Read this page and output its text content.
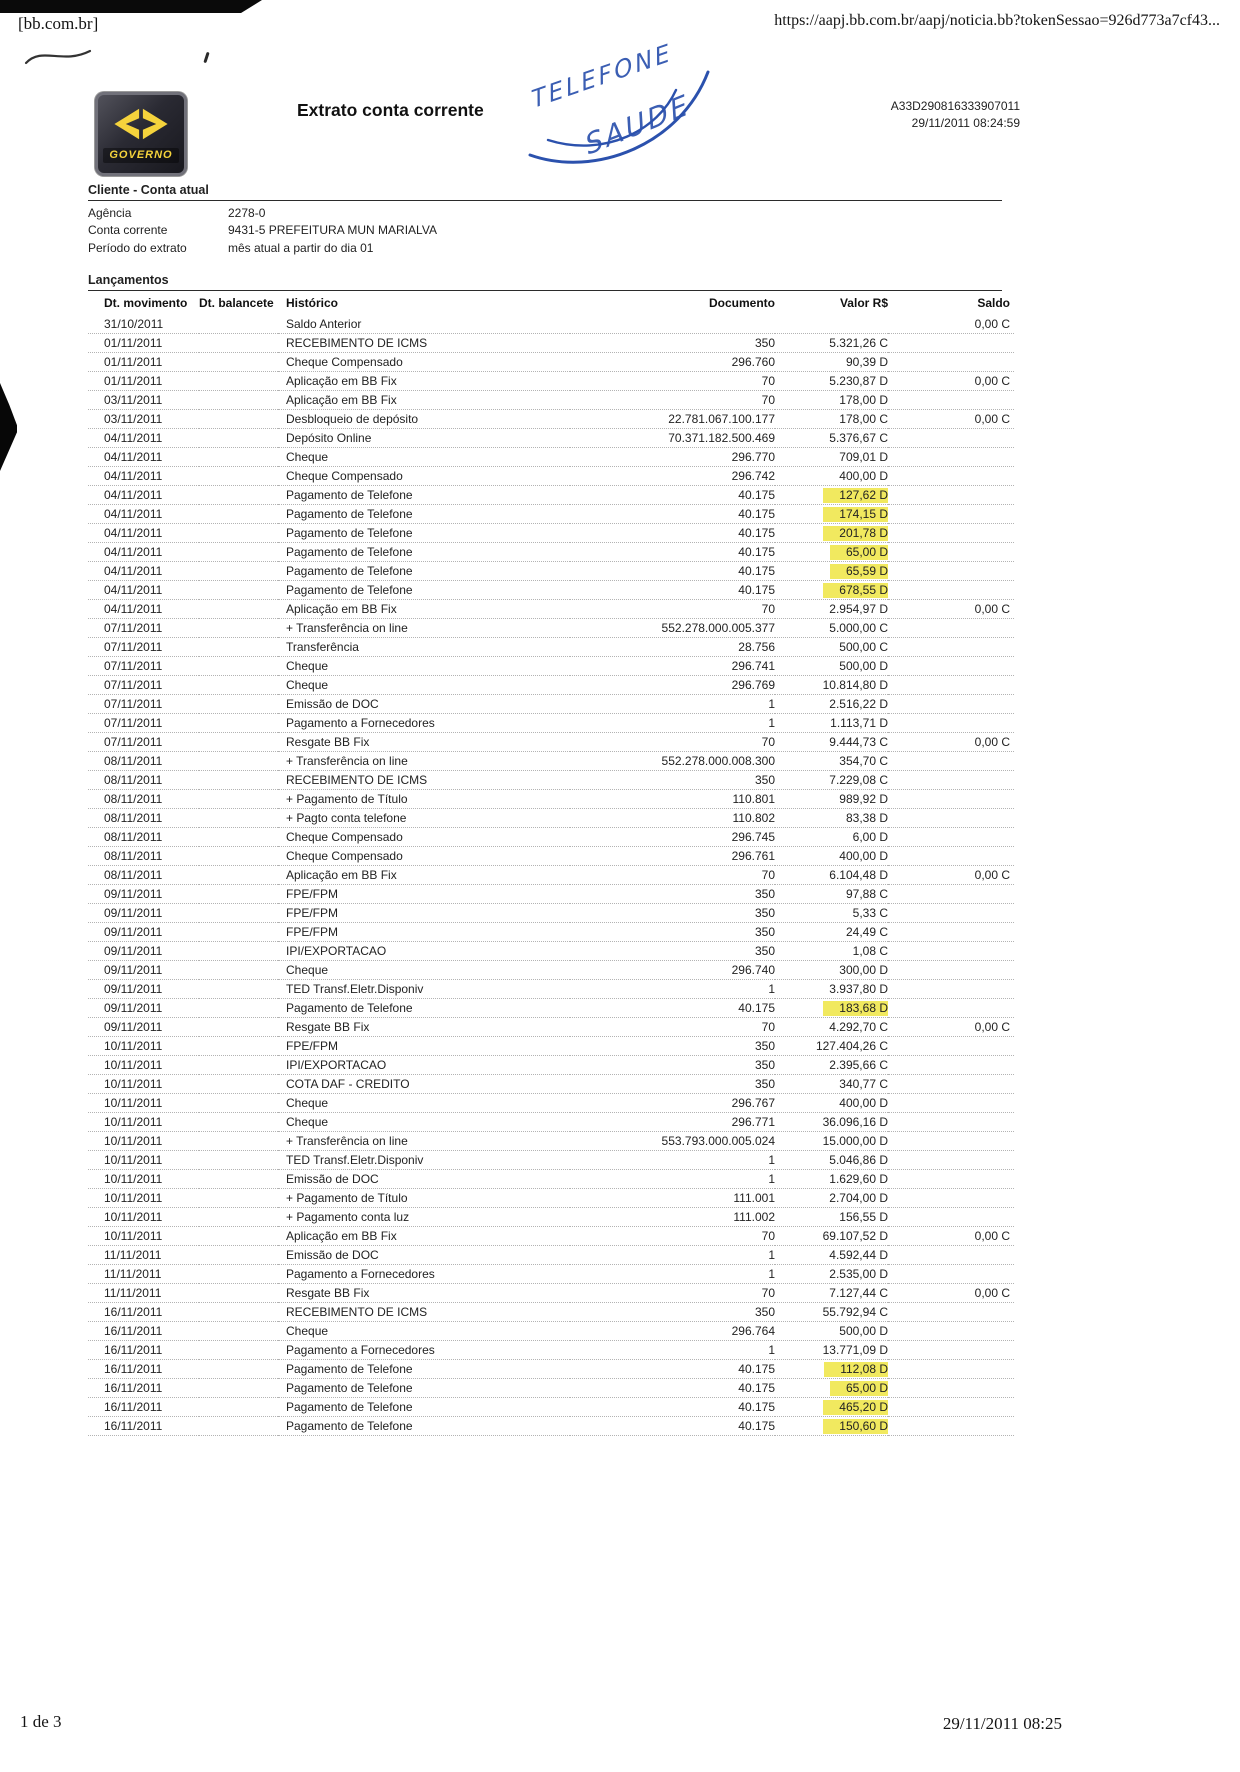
[bb.com.br]	https://aapj.bb.com.br/aapj/noticia.bb?tokenSessao=926d773a7cf43...
GOVERNO
Extrato conta corrente	A33D290816333907011
29/11/2011 08:24:59
TELEFONE
SAUDE
Cliente - Conta atual
Agência	2278-0
Conta corrente	9431-5 PREFEITURA MUN MARIALVA
Período do extrato	mês atual a partir do dia 01
Lançamentos
Dt. movimento	Dt. balancete	Histórico	Documento	Valor R$	Saldo
31/10/2011		Saldo Anterior			0,00 C
01/11/2011		RECEBIMENTO DE ICMS	350	5.321,26 C	
01/11/2011		Cheque Compensado	296.760	90,39 D	
01/11/2011		Aplicação em BB Fix	70	5.230,87 D	0,00 C
03/11/2011		Aplicação em BB Fix	70	178,00 D	
03/11/2011		Desbloqueio de depósito	22.781.067.100.177	178,00 C	0,00 C
04/11/2011		Depósito Online	70.371.182.500.469	5.376,67 C	
04/11/2011		Cheque	296.770	709,01 D	
04/11/2011		Cheque Compensado	296.742	400,00 D	
04/11/2011		Pagamento de Telefone	40.175	127,62 D	
04/11/2011		Pagamento de Telefone	40.175	174,15 D	
04/11/2011		Pagamento de Telefone	40.175	201,78 D	
04/11/2011		Pagamento de Telefone	40.175	65,00 D	
04/11/2011		Pagamento de Telefone	40.175	65,59 D	
04/11/2011		Pagamento de Telefone	40.175	678,55 D	
04/11/2011		Aplicação em BB Fix	70	2.954,97 D	0,00 C
07/11/2011		+ Transferência on line	552.278.000.005.377	5.000,00 C	
07/11/2011		Transferência	28.756	500,00 C	
07/11/2011		Cheque	296.741	500,00 D	
07/11/2011		Cheque	296.769	10.814,80 D	
07/11/2011		Emissão de DOC	1	2.516,22 D	
07/11/2011		Pagamento a Fornecedores	1	1.113,71 D	
07/11/2011		Resgate BB Fix	70	9.444,73 C	0,00 C
08/11/2011		+ Transferência on line	552.278.000.008.300	354,70 C	
08/11/2011		RECEBIMENTO DE ICMS	350	7.229,08 C	
08/11/2011		+ Pagamento de Título	110.801	989,92 D	
08/11/2011		+ Pagto conta telefone	110.802	83,38 D	
08/11/2011		Cheque Compensado	296.745	6,00 D	
08/11/2011		Cheque Compensado	296.761	400,00 D	
08/11/2011		Aplicação em BB Fix	70	6.104,48 D	0,00 C
09/11/2011		FPE/FPM	350	97,88 C	
09/11/2011		FPE/FPM	350	5,33 C	
09/11/2011		FPE/FPM	350	24,49 C	
09/11/2011		IPI/EXPORTACAO	350	1,08 C	
09/11/2011		Cheque	296.740	300,00 D	
09/11/2011		TED Transf.Eletr.Disponiv	1	3.937,80 D	
09/11/2011		Pagamento de Telefone	40.175	183,68 D	
09/11/2011		Resgate BB Fix	70	4.292,70 C	0,00 C
10/11/2011		FPE/FPM	350	127.404,26 C	
10/11/2011		IPI/EXPORTACAO	350	2.395,66 C	
10/11/2011		COTA DAF - CREDITO	350	340,77 C	
10/11/2011		Cheque	296.767	400,00 D	
10/11/2011		Cheque	296.771	36.096,16 D	
10/11/2011		+ Transferência on line	553.793.000.005.024	15.000,00 D	
10/11/2011		TED Transf.Eletr.Disponiv	1	5.046,86 D	
10/11/2011		Emissão de DOC	1	1.629,60 D	
10/11/2011		+ Pagamento de Título	111.001	2.704,00 D	
10/11/2011		+ Pagamento conta luz	111.002	156,55 D	
10/11/2011		Aplicação em BB Fix	70	69.107,52 D	0,00 C
11/11/2011		Emissão de DOC	1	4.592,44 D	
11/11/2011		Pagamento a Fornecedores	1	2.535,00 D	
11/11/2011		Resgate BB Fix	70	7.127,44 C	0,00 C
16/11/2011		RECEBIMENTO DE ICMS	350	55.792,94 C	
16/11/2011		Cheque	296.764	500,00 D	
16/11/2011		Pagamento a Fornecedores	1	13.771,09 D	
16/11/2011		Pagamento de Telefone	40.175	112,08 D	
16/11/2011		Pagamento de Telefone	40.175	65,00 D	
16/11/2011		Pagamento de Telefone	40.175	465,20 D	
16/11/2011		Pagamento de Telefone	40.175	150,60 D	
1 de 3	29/11/2011 08:25
